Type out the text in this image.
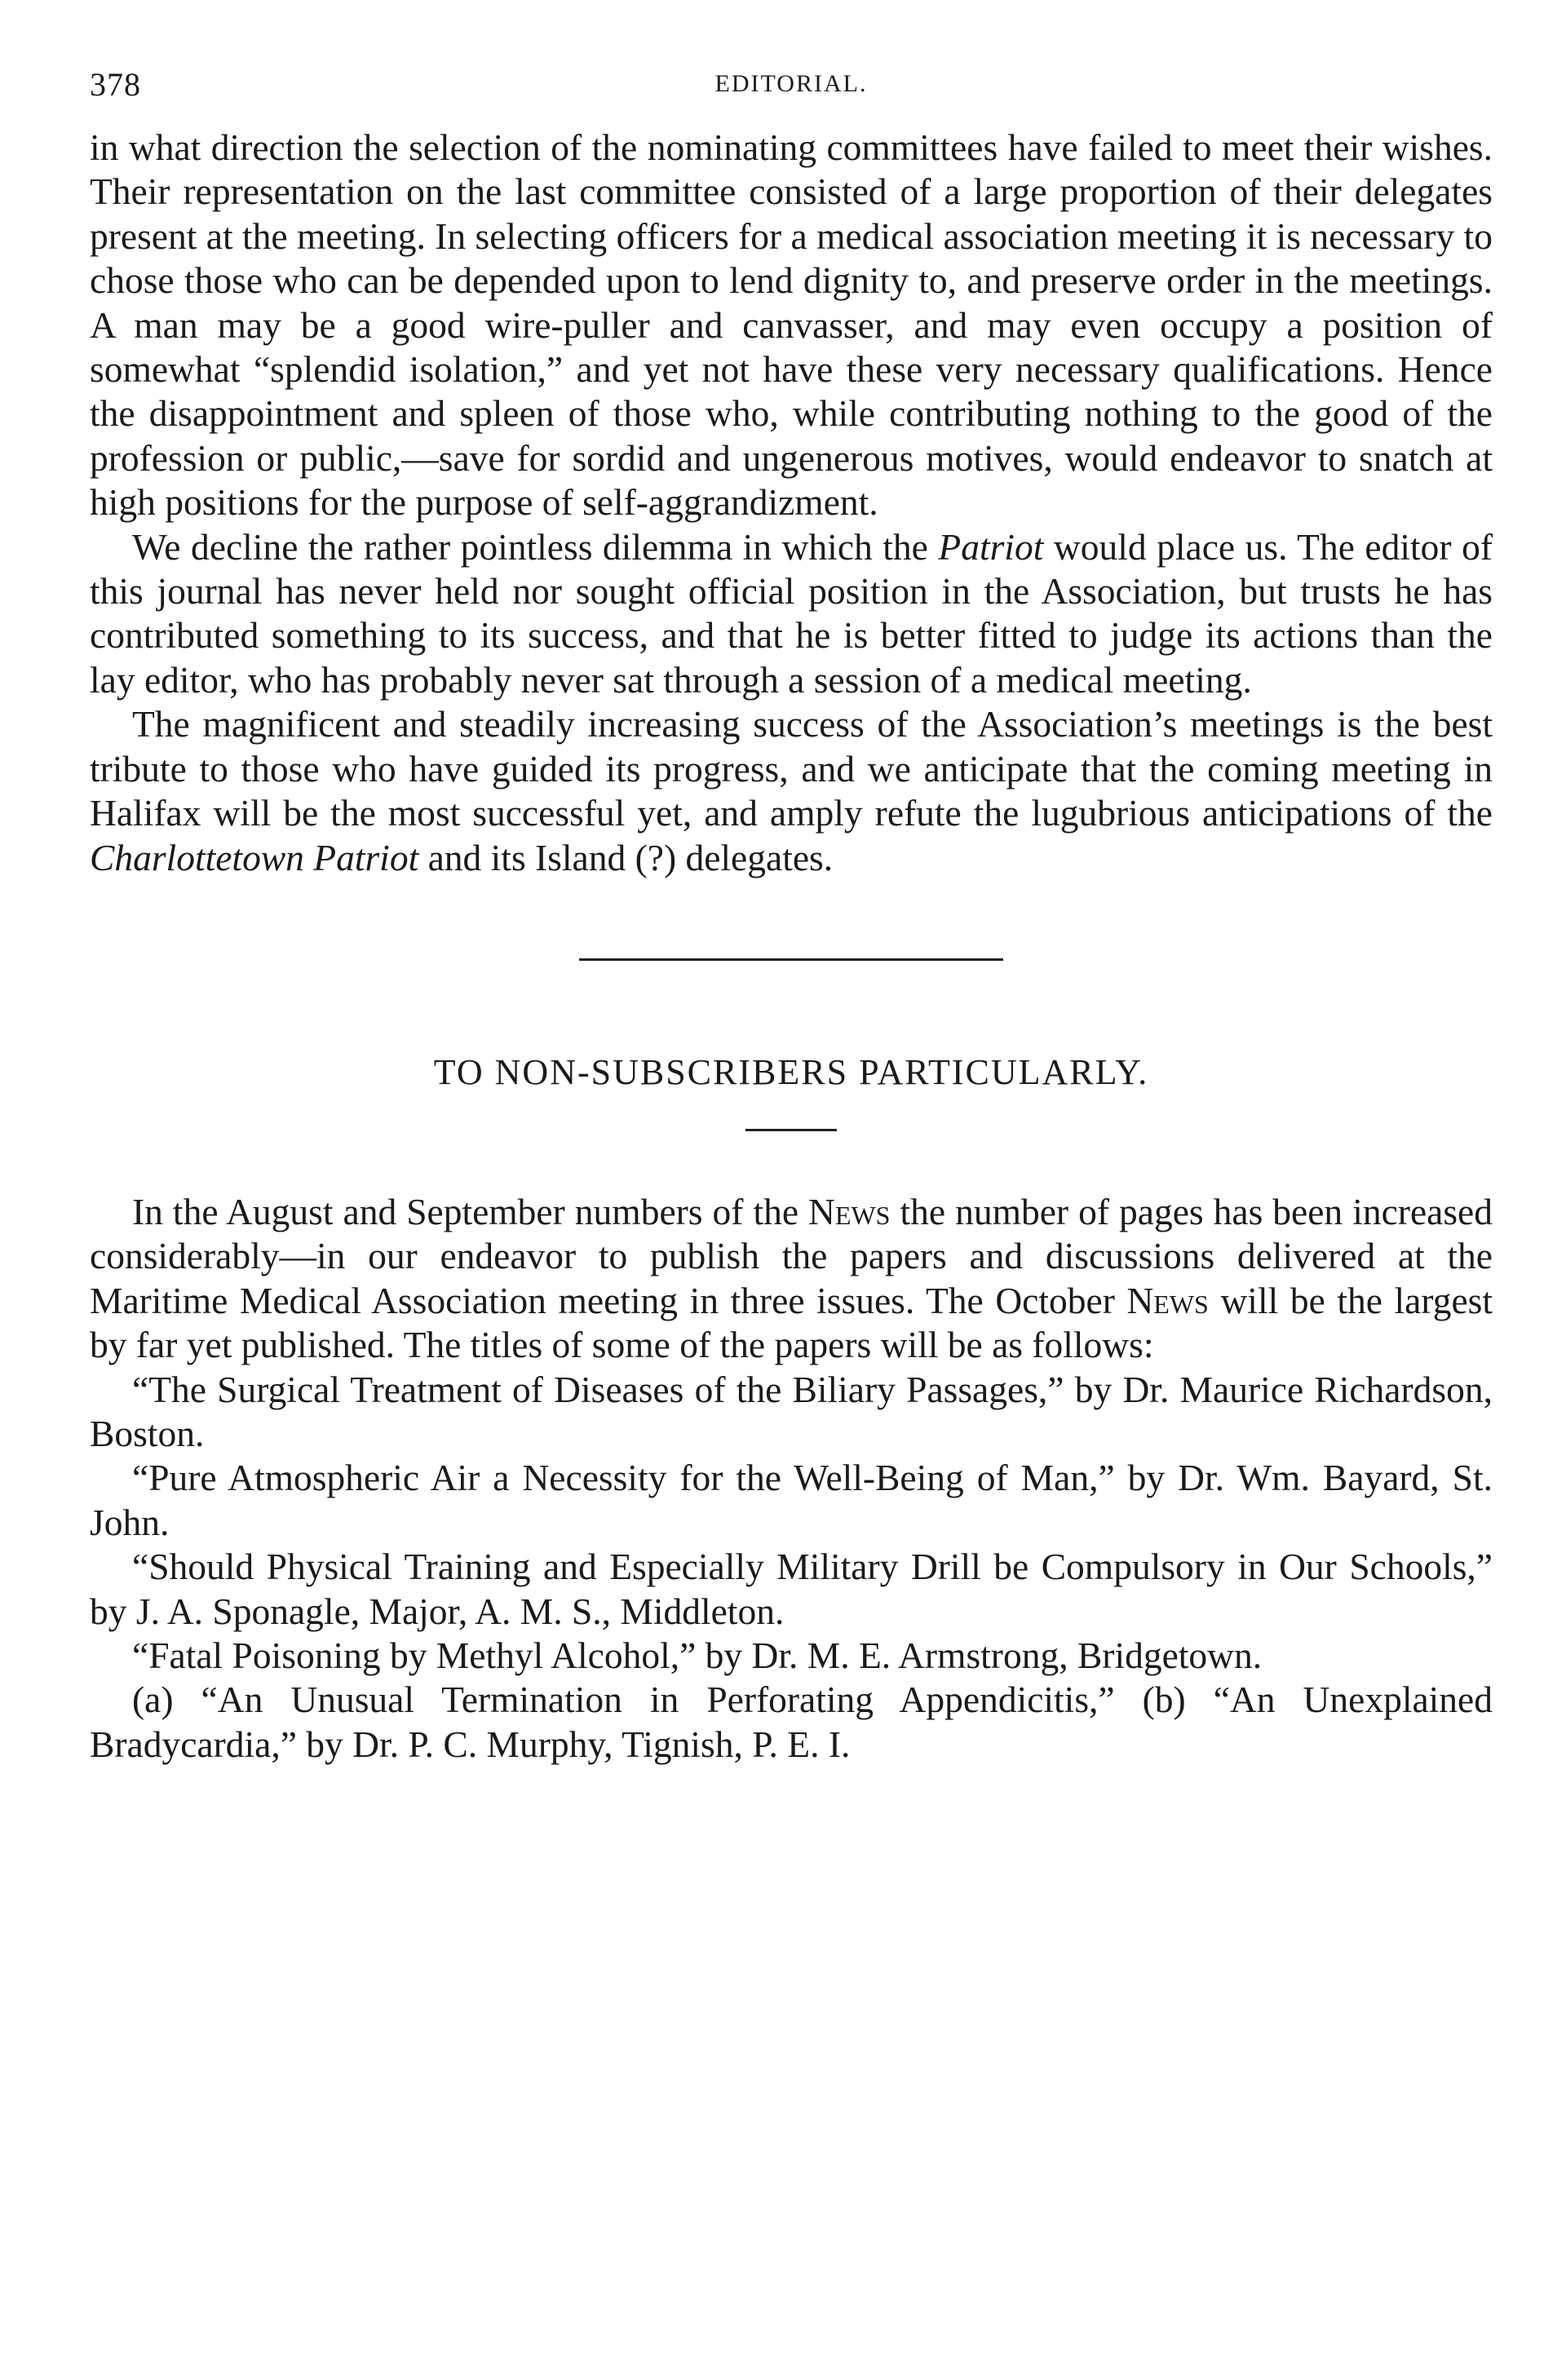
378	EDITORIAL.

in what direction the selection of the nominating committees have failed to meet their wishes. Their representation on the last committee consisted of a large proportion of their delegates present at the meeting. In selecting officers for a medical association meeting it is necessary to chose those who can be depended upon to lend dignity to, and preserve order in the meetings. A man may be a good wire-puller and canvasser, and may even occupy a position of somewhat “splendid isolation,” and yet not have these very necessary qualifications. Hence the disappointment and spleen of those who, while contributing nothing to the good of the profession or public,—save for sordid and ungenerous motives, would endeavor to snatch at high positions for the purpose of self-aggrandizment.

We decline the rather pointless dilemma in which the Patriot would place us. The editor of this journal has never held nor sought official position in the Association, but trusts he has contributed something to its success, and that he is better fitted to judge its actions than the lay editor, who has probably never sat through a session of a medical meeting.

The magnificent and steadily increasing success of the Association’s meetings is the best tribute to those who have guided its progress, and we anticipate that the coming meeting in Halifax will be the most successful yet, and amply refute the lugubrious anticipations of the Charlottetown Patriot and its Island (?) delegates.

TO NON-SUBSCRIBERS PARTICULARLY.

In the August and September numbers of the News the number of pages has been increased considerably—in our endeavor to publish the papers and discussions delivered at the Maritime Medical Association meeting in three issues. The October News will be the largest by far yet published. The titles of some of the papers will be as follows:

“The Surgical Treatment of Diseases of the Biliary Passages,” by Dr. Maurice Richardson, Boston.

“Pure Atmospheric Air a Necessity for the Well-Being of Man,” by Dr. Wm. Bayard, St. John.

“Should Physical Training and Especially Military Drill be Compulsory in Our Schools,” by J. A. Sponagle, Major, A. M. S., Middleton.

“Fatal Poisoning by Methyl Alcohol,” by Dr. M. E. Armstrong, Bridgetown.

(a) “An Unusual Termination in Perforating Appendicitis,” (b) “An Unexplained Bradycardia,” by Dr. P. C. Murphy, Tignish, P. E. I.
